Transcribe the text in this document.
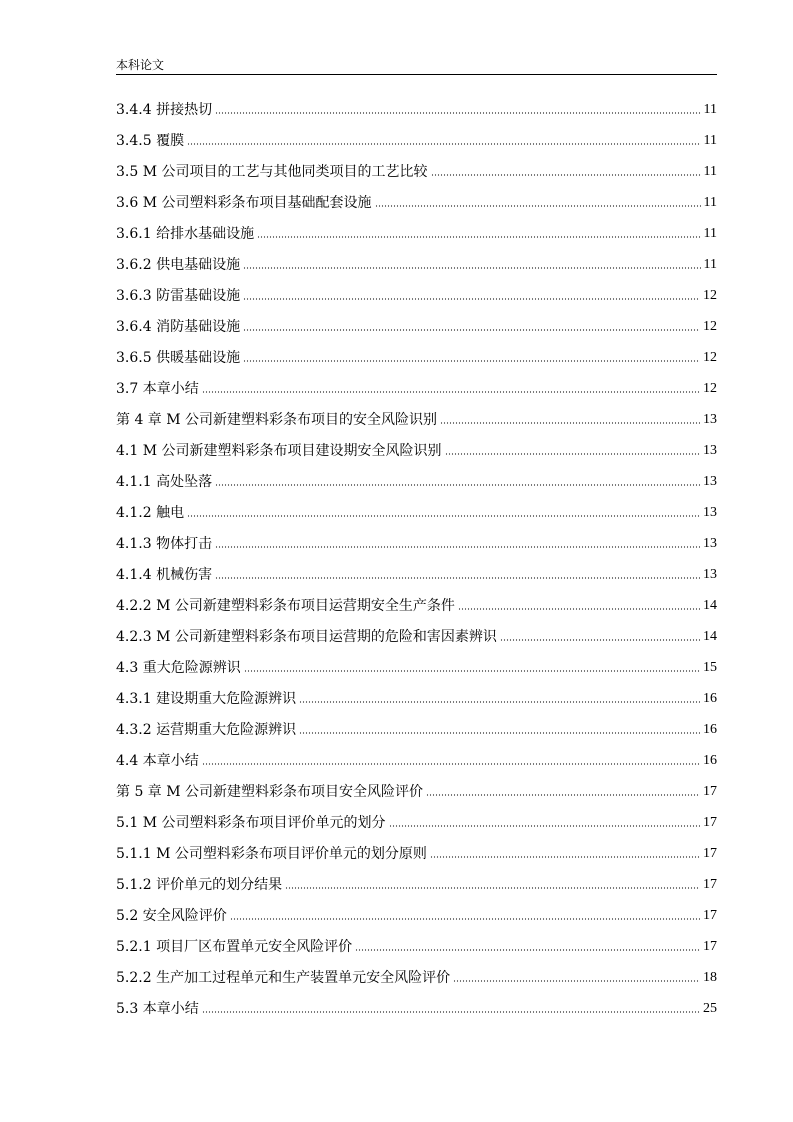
本科论文
3.4.4 拼接热切	11
3.4.5 覆膜	11
3.5 M 公司项目的工艺与其他同类项目的工艺比较	11
3.6 M 公司塑料彩条布项目基础配套设施	11
3.6.1 给排水基础设施	11
3.6.2 供电基础设施	11
3.6.3 防雷基础设施	12
3.6.4 消防基础设施	12
3.6.5 供暖基础设施	12
3.7 本章小结	12
第 4 章 M 公司新建塑料彩条布项目的安全风险识别	13
4.1 M 公司新建塑料彩条布项目建设期安全风险识别	13
4.1.1 高处坠落	13
4.1.2 触电	13
4.1.3 物体打击	13
4.1.4 机械伤害	13
4.2.2 M 公司新建塑料彩条布项目运营期安全生产条件	14
4.2.3 M 公司新建塑料彩条布项目运营期的危险和害因素辨识	14
4.3 重大危险源辨识	15
4.3.1 建设期重大危险源辨识	16
4.3.2 运营期重大危险源辨识	16
4.4 本章小结	16
第 5 章 M 公司新建塑料彩条布项目安全风险评价	17
5.1 M 公司塑料彩条布项目评价单元的划分	17
5.1.1 M 公司塑料彩条布项目评价单元的划分原则	17
5.1.2 评价单元的划分结果	17
5.2 安全风险评价	17
5.2.1 项目厂区布置单元安全风险评价	17
5.2.2 生产加工过程单元和生产装置单元安全风险评价	18
5.3 本章小结	25
